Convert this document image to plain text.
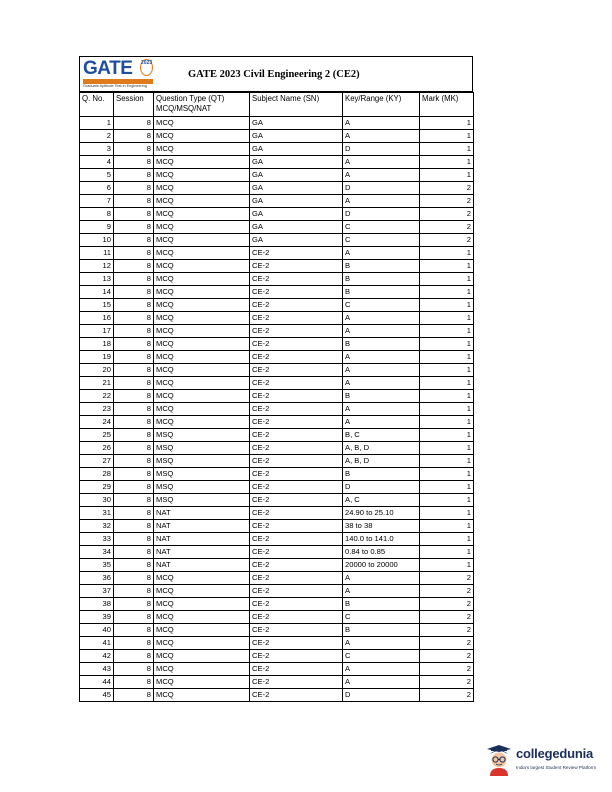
GATE	2023
Graduate Aptitude Test in Engineering
GATE 2023 Civil Engineering 2 (CE2)
Q. No.	Session	Question Type (QT)
MCQ/MSQ/NAT	Subject Name (SN)	Key/Range (KY)	Mark (MK)
1	8	MCQ	GA	A	1
2	8	MCQ	GA	A	1
3	8	MCQ	GA	D	1
4	8	MCQ	GA	A	1
5	8	MCQ	GA	A	1
6	8	MCQ	GA	D	2
7	8	MCQ	GA	A	2
8	8	MCQ	GA	D	2
9	8	MCQ	GA	C	2
10	8	MCQ	GA	C	2
11	8	MCQ	CE-2	A	1
12	8	MCQ	CE-2	B	1
13	8	MCQ	CE-2	B	1
14	8	MCQ	CE-2	B	1
15	8	MCQ	CE-2	C	1
16	8	MCQ	CE-2	A	1
17	8	MCQ	CE-2	A	1
18	8	MCQ	CE-2	B	1
19	8	MCQ	CE-2	A	1
20	8	MCQ	CE-2	A	1
21	8	MCQ	CE-2	A	1
22	8	MCQ	CE-2	B	1
23	8	MCQ	CE-2	A	1
24	8	MCQ	CE-2	A	1
25	8	MSQ	CE-2	B, C	1
26	8	MSQ	CE-2	A, B, D	1
27	8	MSQ	CE-2	A, B, D	1
28	8	MSQ	CE-2	B	1
29	8	MSQ	CE-2	D	1
30	8	MSQ	CE-2	A, C	1
31	8	NAT	CE-2	24.90 to 25.10	1
32	8	NAT	CE-2	38 to 38	1
33	8	NAT	CE-2	140.0 to 141.0	1
34	8	NAT	CE-2	0.84 to 0.85	1
35	8	NAT	CE-2	20000 to 20000	1
36	8	MCQ	CE-2	A	2
37	8	MCQ	CE-2	A	2
38	8	MCQ	CE-2	B	2
39	8	MCQ	CE-2	C	2
40	8	MCQ	CE-2	B	2
41	8	MCQ	CE-2	A	2
42	8	MCQ	CE-2	C	2
43	8	MCQ	CE-2	A	2
44	8	MCQ	CE-2	A	2
45	8	MCQ	CE-2	D	2
collegedunia
India's largest Student Review Platform
